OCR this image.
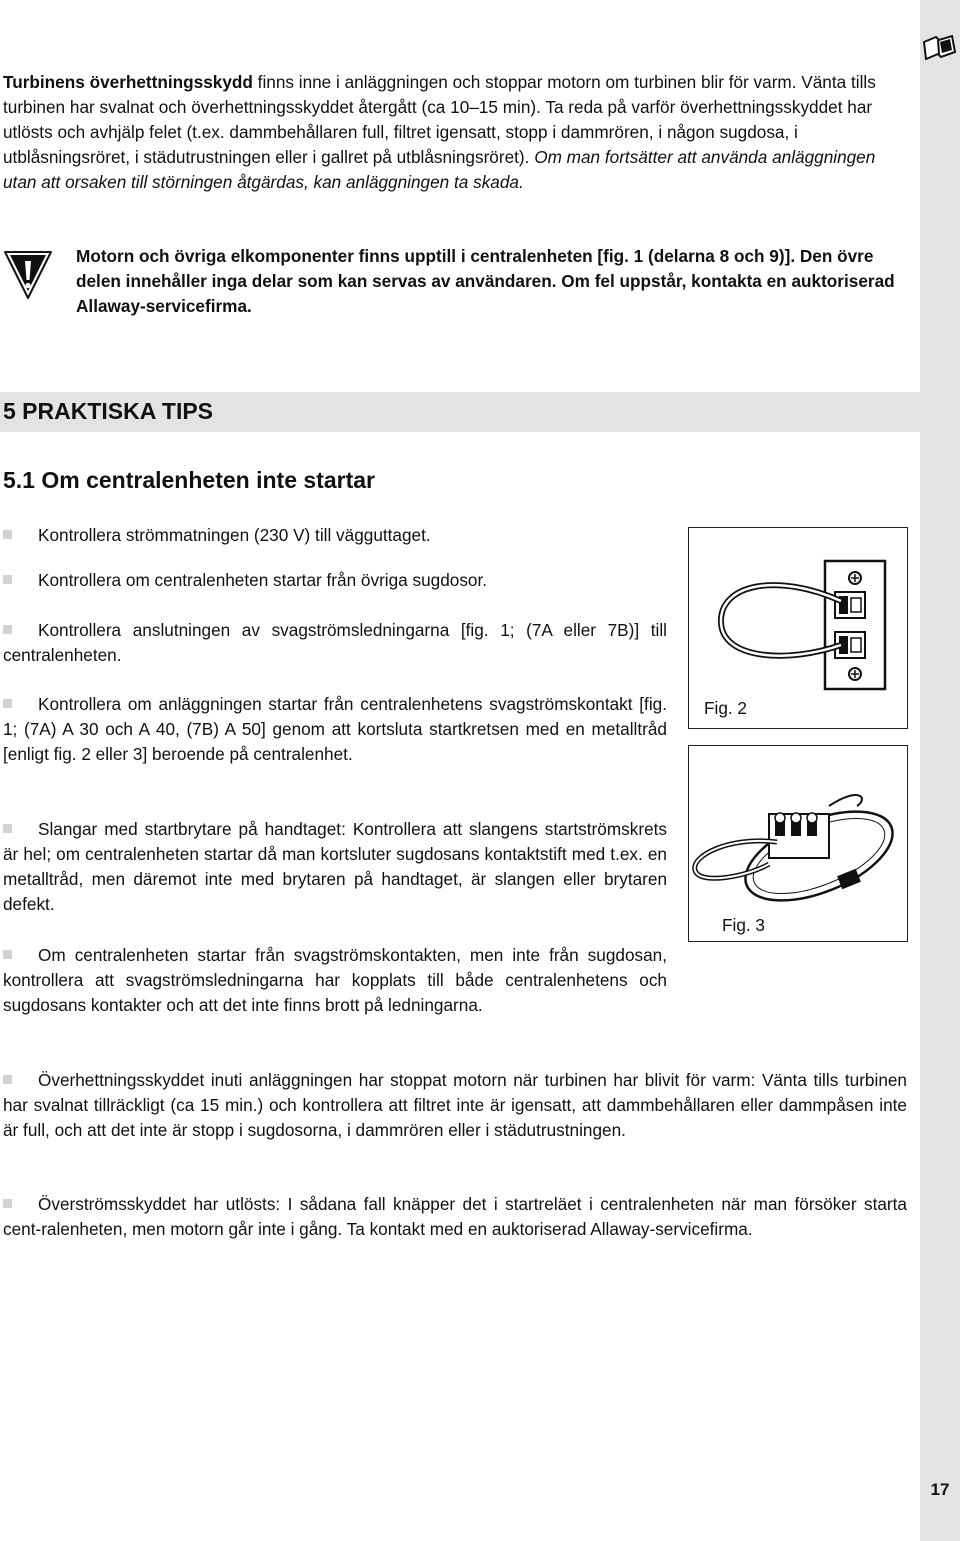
17

Turbinens överhettningsskydd finns inne i anläggningen och stoppar motorn om turbinen blir för varm. Vänta tills turbinen har svalnat och överhettningsskyddet återgått (ca 10–15 min). Ta reda på varför överhettningsskyddet har utlösts och avhjälp felet (t.ex. dammbehållaren full, filtret igensatt, stopp i dammrören, i någon sugdosa, i utblåsningsröret, i städutrustningen eller i gallret på utblåsningsröret). Om man fortsätter att använda anläggningen utan att orsaken till störningen åtgärdas, kan anläggningen ta skada.

Motorn och övriga elkomponenter finns upptill i centralenheten [fig. 1 (delarna 8 och 9)]. Den övre delen innehåller inga delar som kan servas av användaren. Om fel uppstår, kontakta en auktoriserad Allaway-servicefirma.

5 PRAKTISKA TIPS
5.1 Om centralenheten inte startar

Kontrollera strömmatningen (230 V) till vägguttaget.

Kontrollera om centralenheten startar från övriga sugdosor.

Kontrollera anslutningen av svagströmsledningarna [fig. 1; (7A eller 7B)] till centralenheten.

Kontrollera om anläggningen startar från centralenhetens svagströmskontakt [fig. 1; (7A) A 30 och A 40, (7B) A 50] genom att kortsluta startkretsen med en metalltråd [enligt fig. 2 eller 3] beroende på centralenhet.

Slangar med startbrytare på handtaget: Kontrollera att slangens startströmskrets är hel; om centralenheten startar då man kortsluter sugdosans kontaktstift med t.ex. en metalltråd, men däremot inte med brytaren på handtaget, är slangen eller brytaren defekt.

Om centralenheten startar från svagströmskontakten, men inte från sugdosan, kontrollera att svagströmsledningarna har kopplats till både centralenhetens och sugdosans kontakter och att det inte finns brott på ledningarna.

Överhettningsskyddet inuti anläggningen har stoppat motorn när turbinen har blivit för varm: Vänta tills turbinen har svalnat tillräckligt (ca 15 min.) och kontrollera att filtret inte är igensatt, att dammbehållaren eller dammpåsen inte är full, och att det inte är stopp i sugdosorna, i dammrören eller i städutrustningen.

Överströmsskyddet har utlösts: I sådana fall knäpper det i startreläet i centralenheten när man försöker starta cent-ralenheten, men motorn går inte i gång. Ta kontakt med en auktoriserad Allaway-servicefirma.

Fig. 2

Fig. 3
